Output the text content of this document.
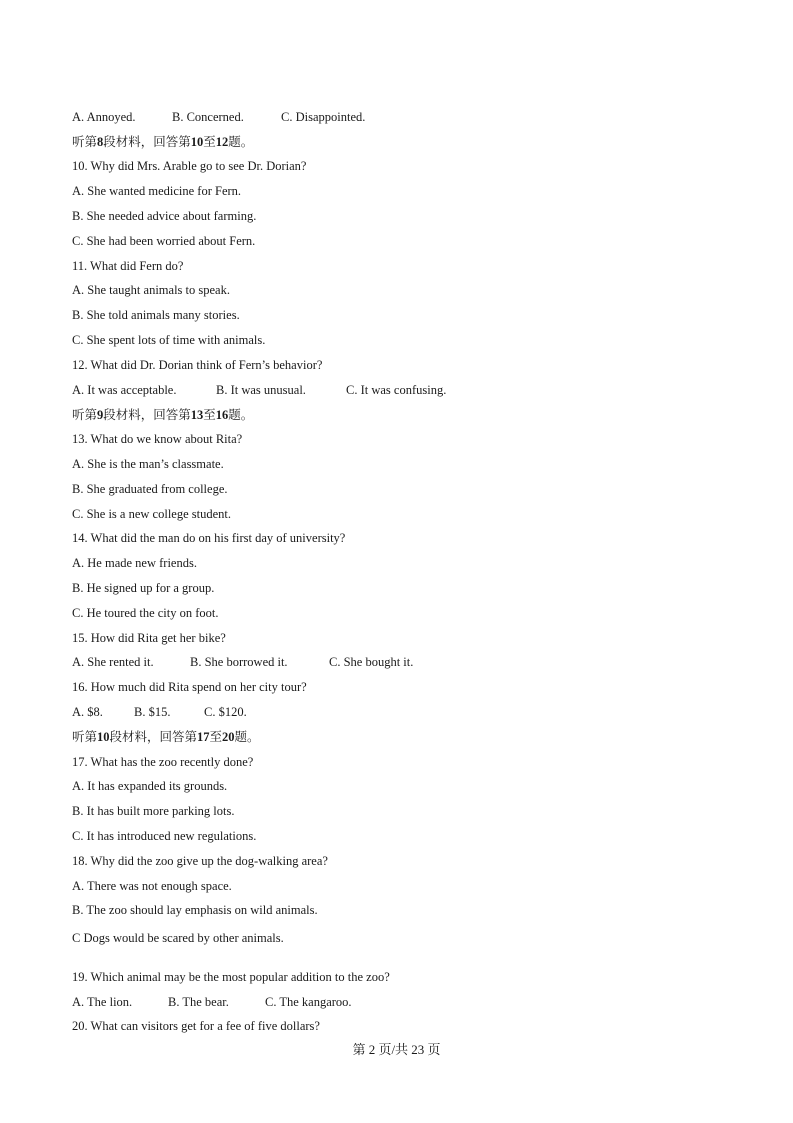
A. Annoyed.	B. Concerned.	C. Disappointed.
听第8段材料，回答第10至12题。
10. Why did Mrs. Arable go to see Dr. Dorian?
A. She wanted medicine for Fern.
B. She needed advice about farming.
C. She had been worried about Fern.
11. What did Fern do?
A. She taught animals to speak.
B. She told animals many stories.
C. She spent lots of time with animals.
12. What did Dr. Dorian think of Fern’s behavior?
A. It was acceptable.	B. It was unusual.	C. It was confusing.
听第9段材料，回答第13至16题。
13. What do we know about Rita?
A. She is the man’s classmate.
B. She graduated from college.
C. She is a new college student.
14. What did the man do on his first day of university?
A. He made new friends.
B. He signed up for a group.
C. He toured the city on foot.
15. How did Rita get her bike?
A. She rented it.	B. She borrowed it.	C. She bought it.
16. How much did Rita spend on her city tour?
A. $8. B. $15.	C. $120.
听第10段材料，回答第17至20题。
17. What has the zoo recently done?
A. It has expanded its grounds.
B. It has built more parking lots.
C. It has introduced new regulations.
18. Why did the zoo give up the dog-walking area?
A. There was not enough space.
B. The zoo should lay emphasis on wild animals.
C Dogs would be scared by other animals.
19. Which animal may be the most popular addition to the zoo?
A. The lion.	B. The bear.	C. The kangaroo.
20. What can visitors get for a fee of five dollars?
第 2 页/共 23 页
